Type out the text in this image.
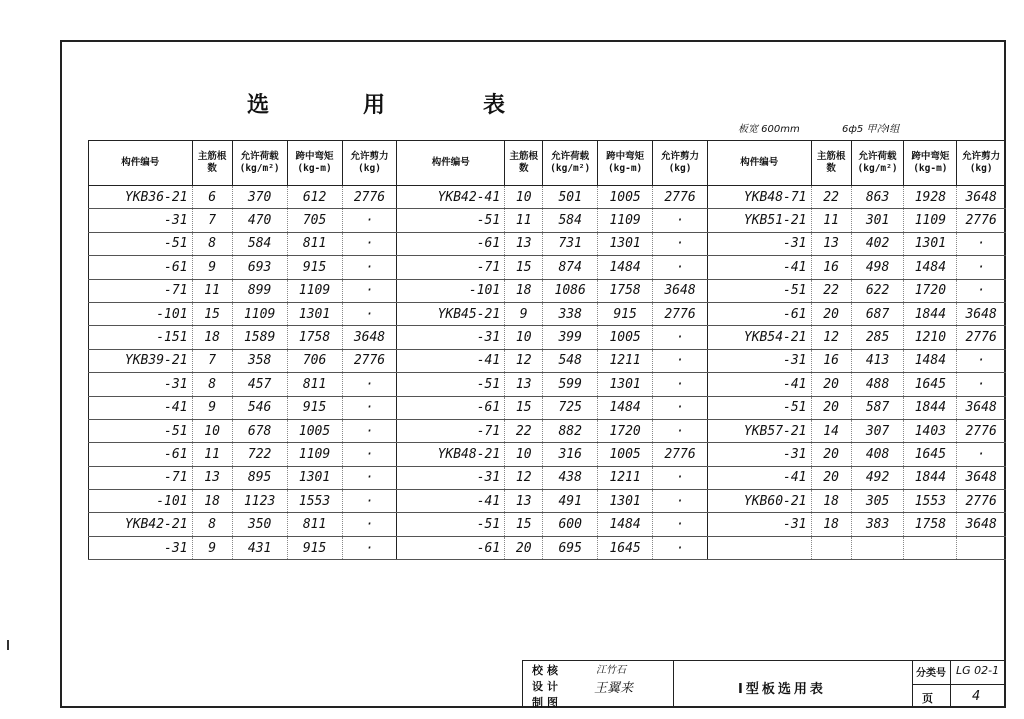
选	用	表
板宽 600mm	6ф5 甲冷Ⅰ组
构件编号	主筋根数	允许荷载 (kg/m²)	跨中弯矩 (kg-m)	允许剪力 (kg)	构件编号	主筋根数	允许荷载 (kg/m²)	跨中弯矩 (kg-m)	允许剪力 (kg)	构件编号	主筋根数	允许荷载 (kg/m²)	跨中弯矩 (kg-m)	允许剪力 (kg)
YKB36-21	6	370	612	2776	YKB42-41	10	501	1005	2776	YKB48-71	22	863	1928	3648
-31	7	470	705	·	-51	11	584	1109	·	YKB51-21	11	301	1109	2776
-51	8	584	811	·	-61	13	731	1301	·	-31	13	402	1301	·
-61	9	693	915	·	-71	15	874	1484	·	-41	16	498	1484	·
-71	11	899	1109	·	-101	18	1086	1758	3648	-51	22	622	1720	·
-101	15	1109	1301	·	YKB45-21	9	338	915	2776	-61	20	687	1844	3648
-151	18	1589	1758	3648	-31	10	399	1005	·	YKB54-21	12	285	1210	2776
YKB39-21	7	358	706	2776	-41	12	548	1211	·	-31	16	413	1484	·
-31	8	457	811	·	-51	13	599	1301	·	-41	20	488	1645	·
-41	9	546	915	·	-61	15	725	1484	·	-51	20	587	1844	3648
-51	10	678	1005	·	-71	22	882	1720	·	YKB57-21	14	307	1403	2776
-61	11	722	1109	·	YKB48-21	10	316	1005	2776	-31	20	408	1645	·
-71	13	895	1301	·	-31	12	438	1211	·	-41	20	492	1844	3648
-101	18	1123	1553	·	-41	13	491	1301	·	YKB60-21	18	305	1553	2776
YKB42-21	8	350	811	·	-51	15	600	1484	·	-31	18	383	1758	3648
-31	9	431	915	·	-61	20	695	1645	·					
校核	江竹石
设计 王翼来
制图
Ⅰ型板选用表
分类号 LG 02-1
页	4
